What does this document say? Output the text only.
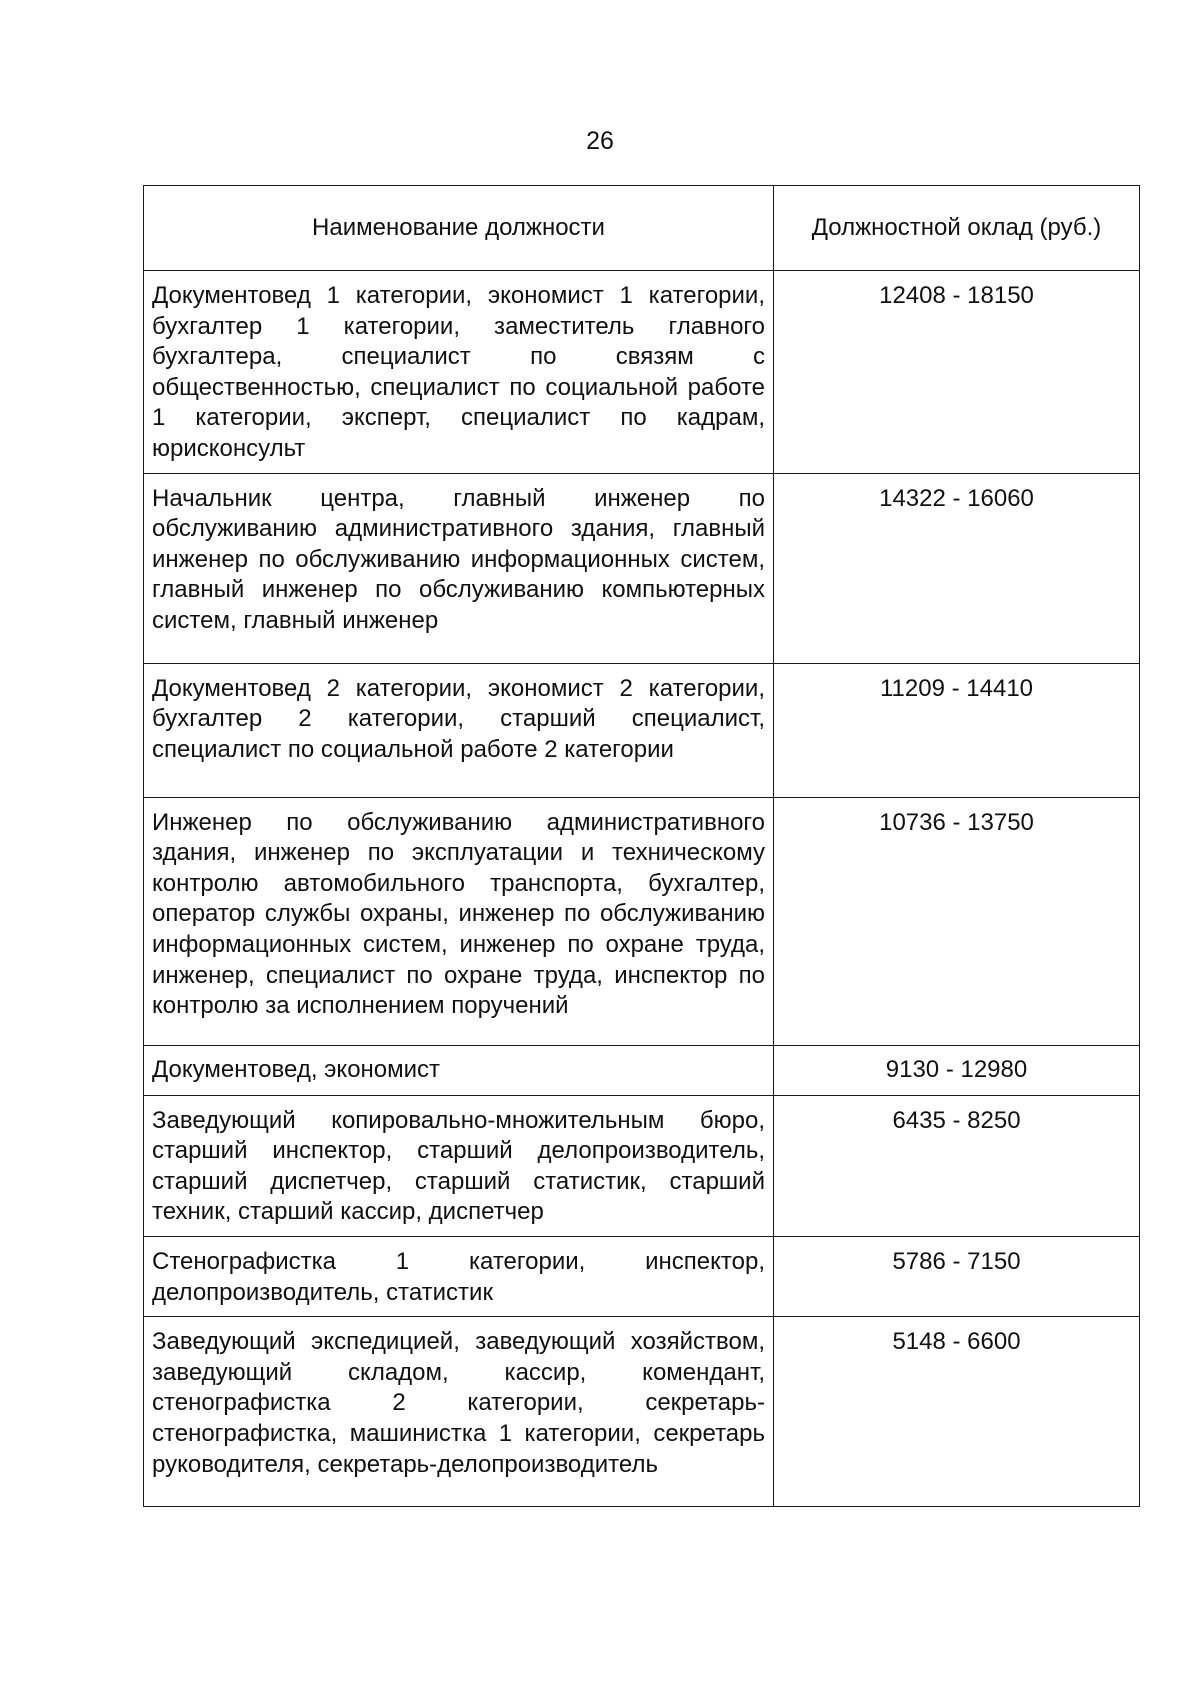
26
Наименование должности	Должностной оклад (руб.)
Документовед 1 категории, экономист 1 категории, бухгалтер 1 категории, заместитель главного бухгалтера, специалист по связям с общественностью, специалист по социальной работе 1 категории, эксперт, специалист по кадрам, юрисконсульт	12408 - 18150
Начальник центра, главный инженер по обслуживанию административного здания, главный инженер по обслуживанию информационных систем, главный инженер по обслуживанию компьютерных систем, главный инженер	14322 - 16060
Документовед 2 категории, экономист 2 категории, бухгалтер 2 категории, старший специалист, специалист по социальной работе 2 категории	11209 - 14410
Инженер по обслуживанию административного здания, инженер по эксплуатации и техническому контролю автомобильного транспорта, бухгалтер, оператор службы охраны, инженер по обслуживанию информационных систем, инженер по охране труда, инженер, специалист по охране труда, инспектор по контролю за исполнением поручений	10736 - 13750
Документовед, экономист	9130 - 12980
Заведующий копировально-множительным бюро, старший инспектор, старший делопроизводитель, старший диспетчер, старший статистик, старший техник, старший кассир, диспетчер	6435 - 8250
Стенографистка 1 категории, инспектор, делопроизводитель, статистик	5786 - 7150
Заведующий экспедицией, заведующий хозяйством, заведующий складом, кассир, комендант, стенографистка 2 категории, секретарь-стенографистка, машинистка 1 категории, секретарь руководителя, секретарь-делопроизводитель	5148 - 6600
